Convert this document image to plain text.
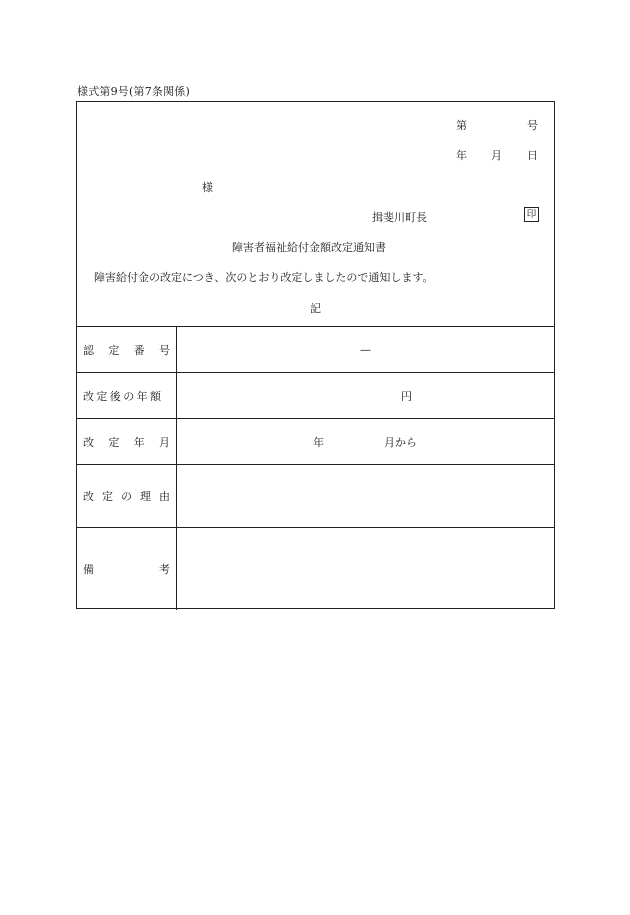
様式第9号(第7条関係)
第	号
年 月 日
様
揖斐川町長	印
障害者福祉給付金額改定通知書
障害給付金の改定につき、次のとおり改定しましたので通知します。
記
認 定 番 号	—
改定後の年額	円
改 定 年 月	年	月から
改 定 の 理 由
備	考
